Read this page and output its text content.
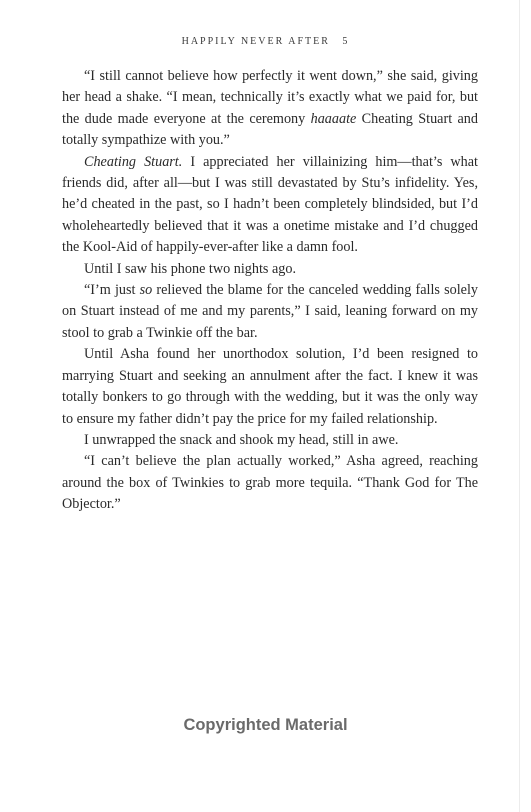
HAPPILY NEVER AFTER 5

“I still cannot believe how perfectly it went down,” she said, giving her head a shake. “I mean, technically it’s exactly what we paid for, but the dude made everyone at the ceremony haaaate Cheating Stuart and totally sympathize with you.”

Cheating Stuart. I appreciated her villainizing him—that’s what friends did, after all—but I was still devastated by Stu’s infidelity. Yes, he’d cheated in the past, so I hadn’t been completely blindsided, but I’d wholeheartedly believed that it was a onetime mistake and I’d chugged the Kool-Aid of happily-ever-after like a damn fool.

Until I saw his phone two nights ago.

“I’m just so relieved the blame for the canceled wedding falls solely on Stuart instead of me and my parents,” I said, leaning forward on my stool to grab a Twinkie off the bar.

Until Asha found her unorthodox solution, I’d been resigned to marrying Stuart and seeking an annulment after the fact. I knew it was totally bonkers to go through with the wedding, but it was the only way to ensure my father didn’t pay the price for my failed relationship.

I unwrapped the snack and shook my head, still in awe.

“I can’t believe the plan actually worked,” Asha agreed, reaching around the box of Twinkies to grab more tequila. “Thank God for The Objector.”

Copyrighted Material
